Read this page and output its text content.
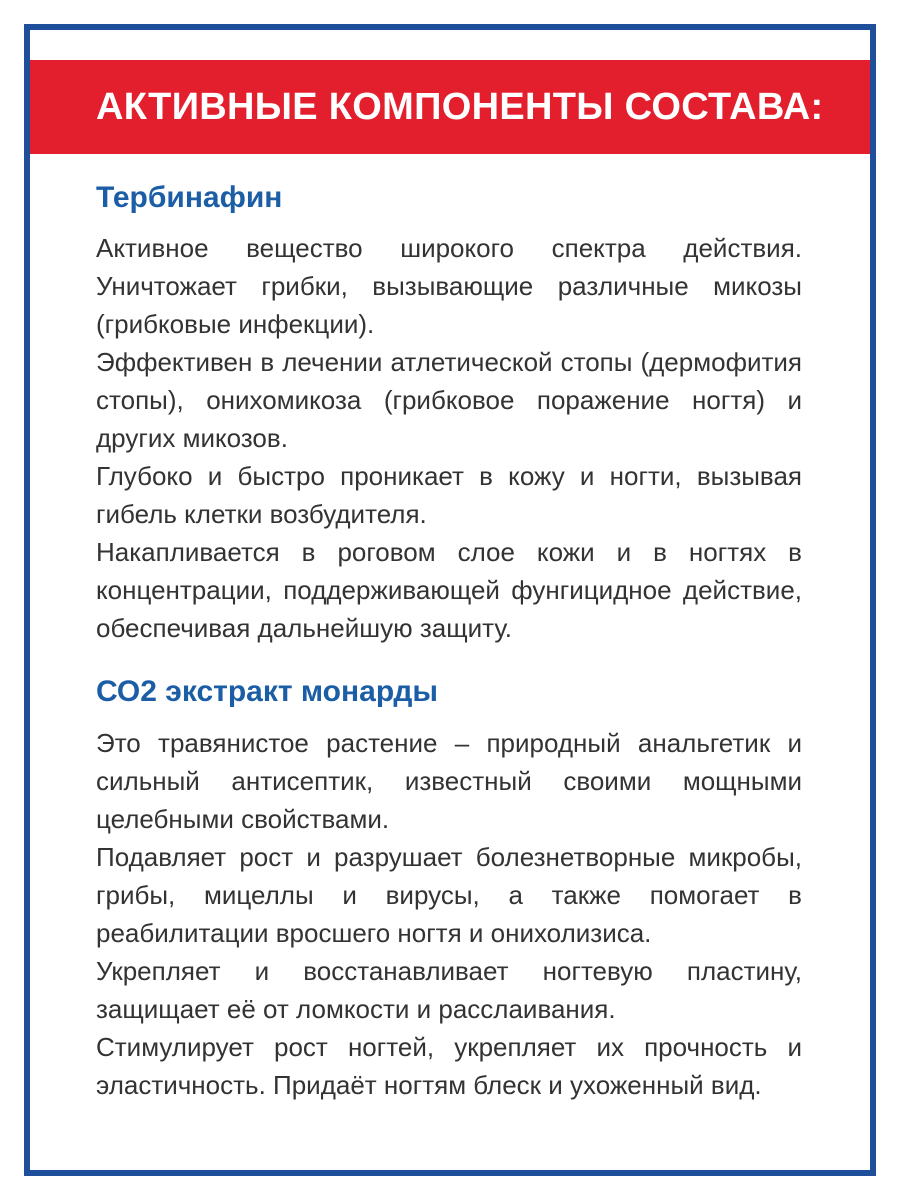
АКТИВНЫЕ КОМПОНЕНТЫ СОСТАВА:
Тербинафин

Активное вещество широкого спектра действия. Уничтожает грибки, вызывающие различные микозы (грибковые инфекции).

Эффективен в лечении атлетической стопы (дермофития стопы), онихомикоза (грибковое поражение ногтя) и других микозов.

Глубоко и быстро проникает в кожу и ногти, вызывая гибель клетки возбудителя.

Накапливается в роговом слое кожи и в ногтях в концентрации, поддерживающей фунгицидное действие, обеспечивая дальнейшую защиту.

СО2 экстракт монарды

Это травянистое растение – природный анальгетик и сильный антисептик, известный своими мощными целебными свойствами.

Подавляет рост и разрушает болезнетворные микробы, грибы, мицеллы и вирусы, а также помогает в реабилитации вросшего ногтя и онихолизиса.

Укрепляет и восстанавливает ногтевую пластину, защищает её от ломкости и расслаивания.

Стимулирует рост ногтей, укрепляет их прочность и эластичность. Придаёт ногтям блеск и ухоженный вид.
